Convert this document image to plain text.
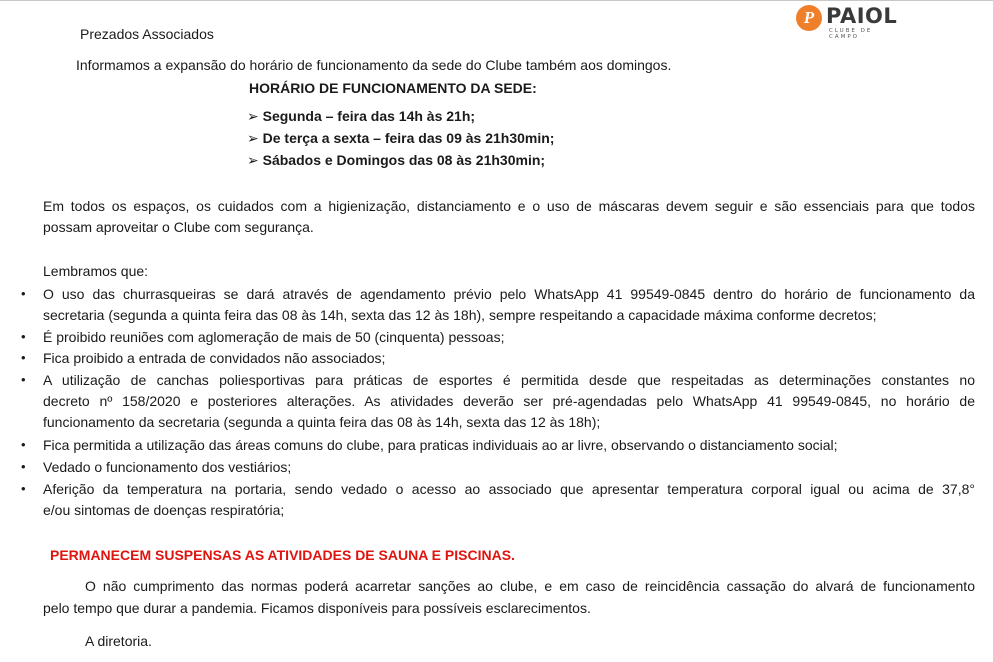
Prezados Associados
P PAIOL
CLUBE DE CAMPO
Informamos a expansão do horário de funcionamento da sede do Clube também aos domingos.
HORÁRIO DE FUNCIONAMENTO DA SEDE:
➢ Segunda – feira das 14h às 21h;
➢ De terça a sexta – feira das 09 às 21h30min;
➢ Sábados e Domingos das 08 às 21h30min;
Em todos os espaços, os cuidados com a higienização, distanciamento e o uso de máscaras devem seguir e são essenciais para que todos
possam aproveitar o Clube com segurança.
Lembramos que:
• O uso das churrasqueiras se dará através de agendamento prévio pelo WhatsApp 41 99549-0845 dentro do horário de funcionamento da
secretaria (segunda a quinta feira das 08 às 14h, sexta das 12 às 18h), sempre respeitando a capacidade máxima conforme decretos;
• É proibido reuniões com aglomeração de mais de 50 (cinquenta) pessoas;
• Fica proibido a entrada de convidados não associados;
• A utilização de canchas poliesportivas para práticas de esportes é permitida desde que respeitadas as determinações constantes no
decreto nº 158/2020 e posteriores alterações. As atividades deverão ser pré-agendadas pelo WhatsApp 41 99549-0845, no horário de
funcionamento da secretaria (segunda a quinta feira das 08 às 14h, sexta das 12 às 18h);
• Fica permitida a utilização das áreas comuns do clube, para praticas individuais ao ar livre, observando o distanciamento social;
• Vedado o funcionamento dos vestiários;
• Aferição da temperatura na portaria, sendo vedado o acesso ao associado que apresentar temperatura corporal igual ou acima de 37,8°
e/ou sintomas de doenças respiratória;
PERMANECEM SUSPENSAS AS ATIVIDADES DE SAUNA E PISCINAS.
O não cumprimento das normas poderá acarretar sanções ao clube, e em caso de reincidência cassação do alvará de funcionamento
pelo tempo que durar a pandemia. Ficamos disponíveis para possíveis esclarecimentos.
A diretoria.
